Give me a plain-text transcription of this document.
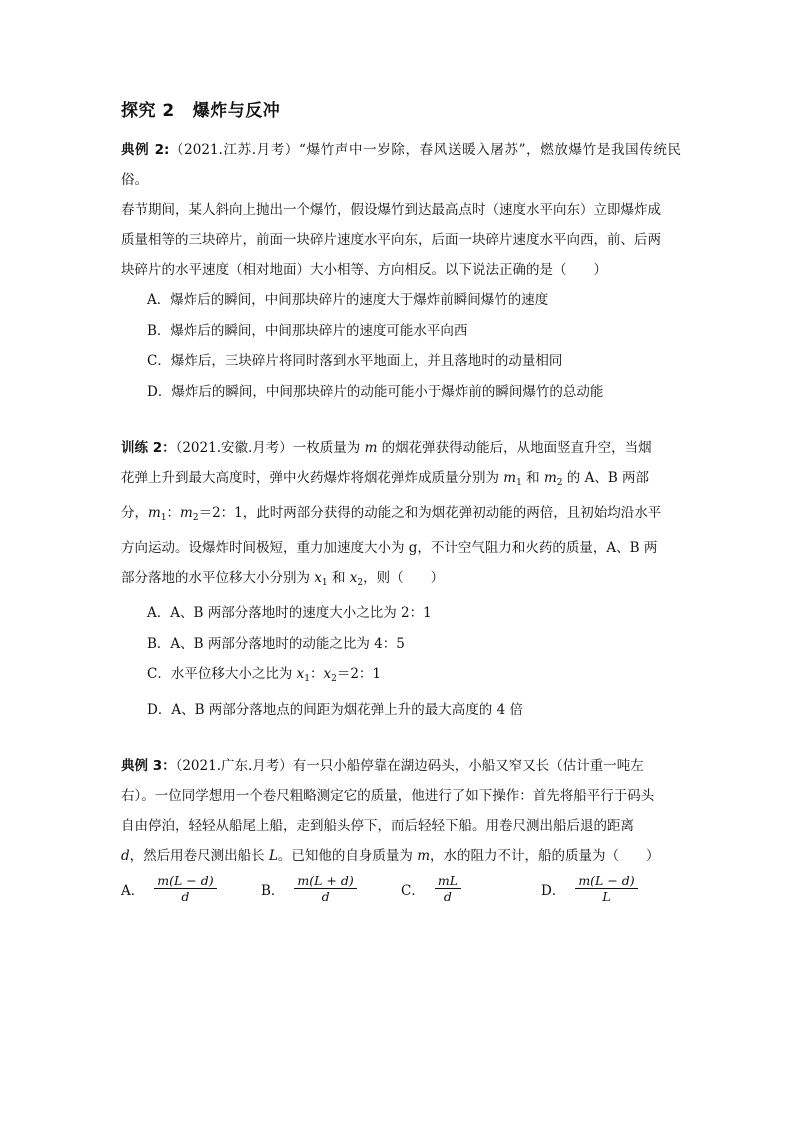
探究 2 爆炸与反冲

典例 2:（2021.江苏.月考）“爆竹声中一岁除，春风送暖入屠苏”，燃放爆竹是我国传统民俗。

春节期间，某人斜向上抛出一个爆竹，假设爆竹到达最高点时（速度水平向东）立即爆炸成

质量相等的三块碎片，前面一块碎片速度水平向东，后面一块碎片速度水平向西，前、后两

块碎片的水平速度（相对地面）大小相等、方向相反。以下说法正确的是（　　）

A．爆炸后的瞬间，中间那块碎片的速度大于爆炸前瞬间爆竹的速度

B．爆炸后的瞬间，中间那块碎片的速度可能水平向西

C．爆炸后，三块碎片将同时落到水平地面上，并且落地时的动量相同

D．爆炸后的瞬间，中间那块碎片的动能可能小于爆炸前的瞬间爆竹的总动能

训练 2：（2021.安徽.月考）一枚质量为 m 的烟花弹获得动能后，从地面竖直升空，当烟

花弹上升到最大高度时，弹中火药爆炸将烟花弹炸成质量分别为 $m_1$ 和 $m_2$ 的 A、B 两部

分，$m_1$：$m_2=2$：1，此时两部分获得的动能之和为烟花弹初动能的两倍，且初始均沿水平

方向运动。设爆炸时间极短，重力加速度大小为 g，不计空气阻力和火药的质量，A、B 两

部分落地的水平位移大小分别为 $x_1$ 和 $x_2$，则（　　）

A．A、B 两部分落地时的速度大小之比为 2：1

B．A、B 两部分落地时的动能之比为 4：5

C．水平位移大小之比为 $x_1$：$x_2=2$：1

D．A、B 两部分落地点的间距为烟花弹上升的最大高度的 4 倍

典例 3：（2021.广东.月考）有一只小船停靠在湖边码头，小船又窄又长（估计重一吨左

右）。一位同学想用一个卷尺粗略测定它的质量，他进行了如下操作：首先将船平行于码头

自由停泊，轻轻从船尾上船，走到船头停下，而后轻轻下船。用卷尺测出船后退的距离

d，然后用卷尺测出船长 L。已知他的自身质量为 m，水的阻力不计，船的质量为（　　）

A． $\frac{m(L - d)}{d}$	B． $\frac{m(L + d)}{d}$	C． $\frac{mL}{d}$	D． $\frac{m(L - d)}{L}$
